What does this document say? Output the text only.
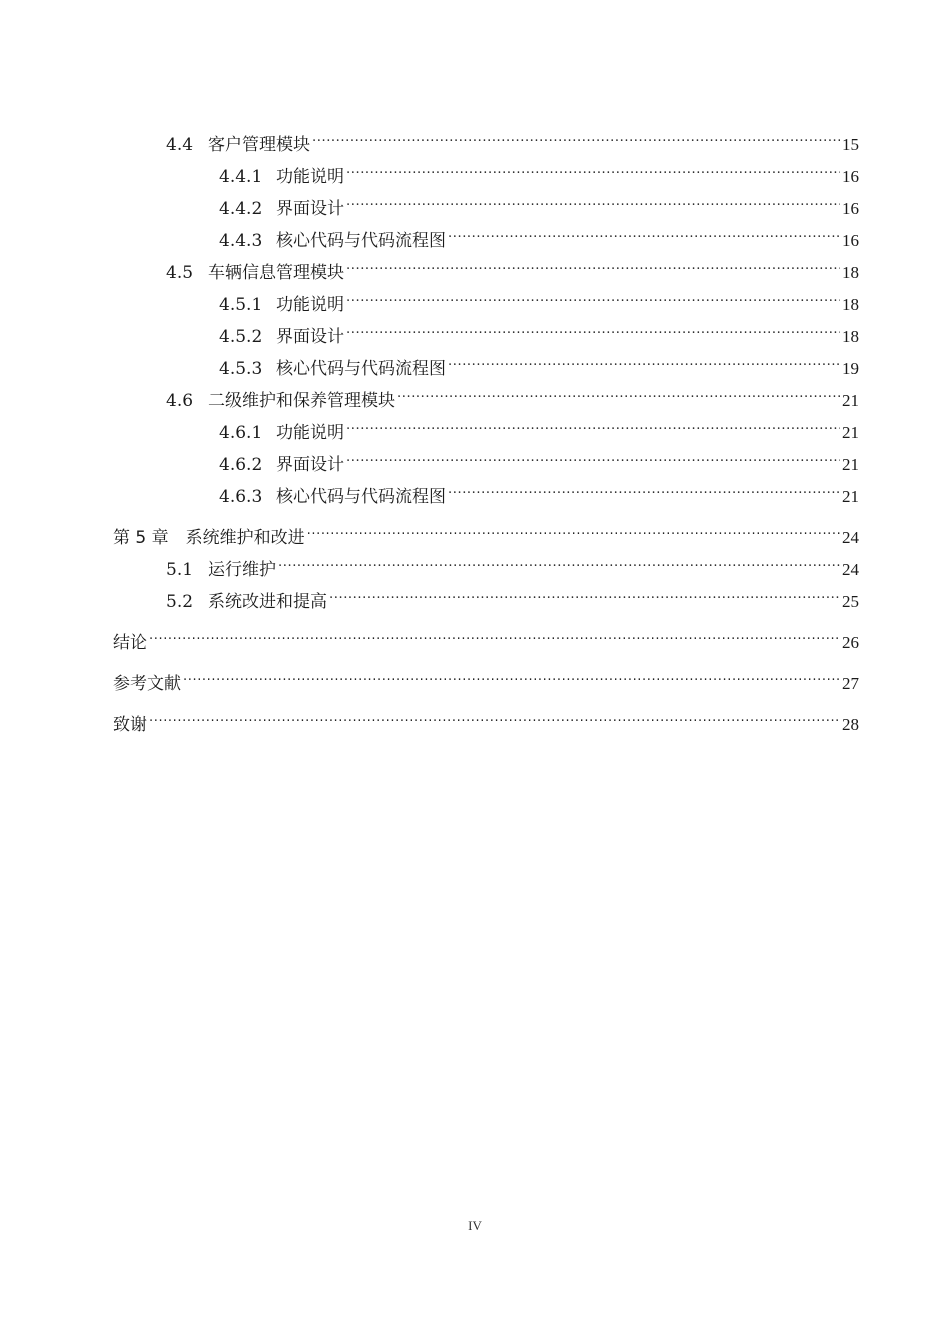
4.4 客户管理模块 .....	15
4.4.1 功能说明 .....	16
4.4.2 界面设计 .....	16
4.4.3 核心代码与代码流程图 .....	16
4.5 车辆信息管理模块 .....	18
4.5.1 功能说明 .....	18
4.5.2 界面设计 .....	18
4.5.3 核心代码与代码流程图 .....	19
4.6 二级维护和保养管理模块 .....	21
4.6.1 功能说明 .....	21
4.6.2 界面设计 .....	21
4.6.3 核心代码与代码流程图 .....	21
第 5 章 系统维护和改进 .....	24
5.1 运行维护 .....	24
5.2 系统改进和提高 .....	25
结论 .....	26
参考文献 .....	27
致谢 .....	28
IV
